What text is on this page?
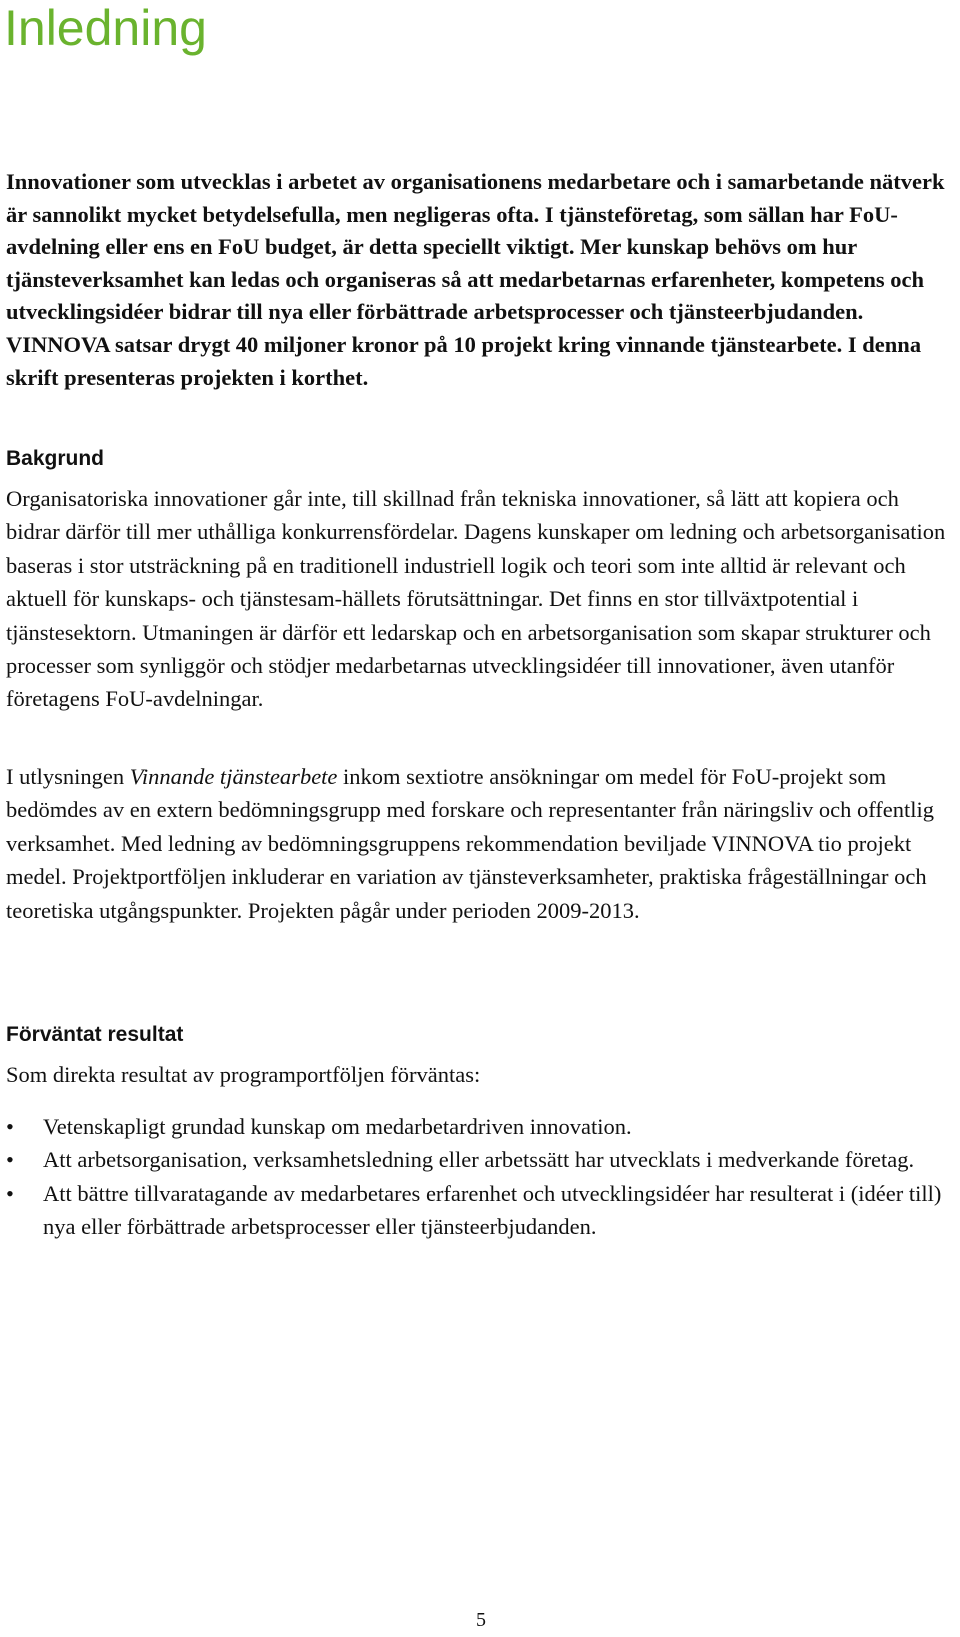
Inledning

Innovationer som utvecklas i arbetet av organisationens medarbetare och i samarbetande nätverk är sannolikt mycket betydelsefulla, men negligeras ofta. I tjänsteföretag, som sällan har FoU-avdelning eller ens en FoU budget, är detta speciellt viktigt. Mer kunskap behövs om hur tjänsteverksamhet kan ledas och organiseras så att medarbetarnas erfarenheter, kompetens och utvecklingsidéer bidrar till nya eller förbättrade arbetsprocesser och tjänsteerbjudanden. VINNOVA satsar drygt 40 miljoner kronor på 10 projekt kring vinnande tjänstearbete. I denna skrift presenteras projekten i korthet.

Bakgrund

Organisatoriska innovationer går inte, till skillnad från tekniska innovationer, så lätt att kopiera och bidrar därför till mer uthålliga konkurrensfördelar. Dagens kunskaper om ledning och arbetsorganisation baseras i stor utsträckning på en traditionell industriell logik och teori som inte alltid är relevant och aktuell för kunskaps- och tjänstesam-hällets förutsättningar. Det finns en stor tillväxtpotential i tjänstesektorn. Utmaningen är därför ett ledarskap och en arbetsorganisation som skapar strukturer och processer som synliggör och stödjer medarbetarnas utvecklingsidéer till innovationer, även utanför företagens FoU-avdelningar.

I utlysningen Vinnande tjänstearbete inkom sextiotre ansökningar om medel för FoU-projekt som bedömdes av en extern bedömningsgrupp med forskare och representanter från näringsliv och offentlig verksamhet. Med ledning av bedömningsgruppens rekommendation beviljade VINNOVA tio projekt medel. Projektportföljen inkluderar en variation av tjänsteverksamheter, praktiska frågeställningar och teoretiska utgångspunkter. Projekten pågår under perioden 2009-2013.

Förväntat resultat

Som direkta resultat av programportföljen förväntas:

• Vetenskapligt grundad kunskap om medarbetardriven innovation.
• Att arbetsorganisation, verksamhetsledning eller arbetssätt har utvecklats i medverkande företag.
• Att bättre tillvaratagande av medarbetares erfarenhet och utvecklingsidéer har resulterat i (idéer till) nya eller förbättrade arbetsprocesser eller tjänsteerbjudanden.
5
